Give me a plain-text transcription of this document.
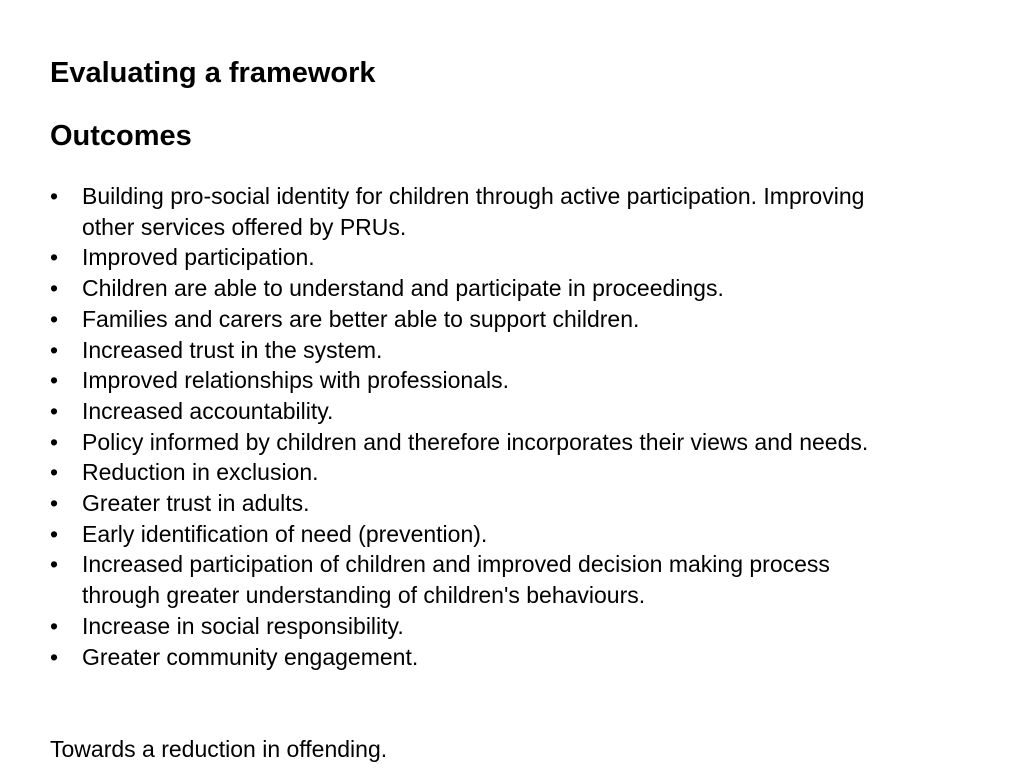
Evaluating a framework
Outcomes
• Building pro-social identity for children through active participation. Improving other services offered by PRUs.
• Improved participation.
• Children are able to understand and participate in proceedings.
• Families and carers are better able to support children.
• Increased trust in the system.
• Improved relationships with professionals.
• Increased accountability.
• Policy informed by children and therefore incorporates their views and needs.
• Reduction in exclusion.
• Greater trust in adults.
• Early identification of need (prevention).
• Increased participation of children and improved decision making process through greater understanding of children's behaviours.
• Increase in social responsibility.
• Greater community engagement.

Towards a reduction in offending.
